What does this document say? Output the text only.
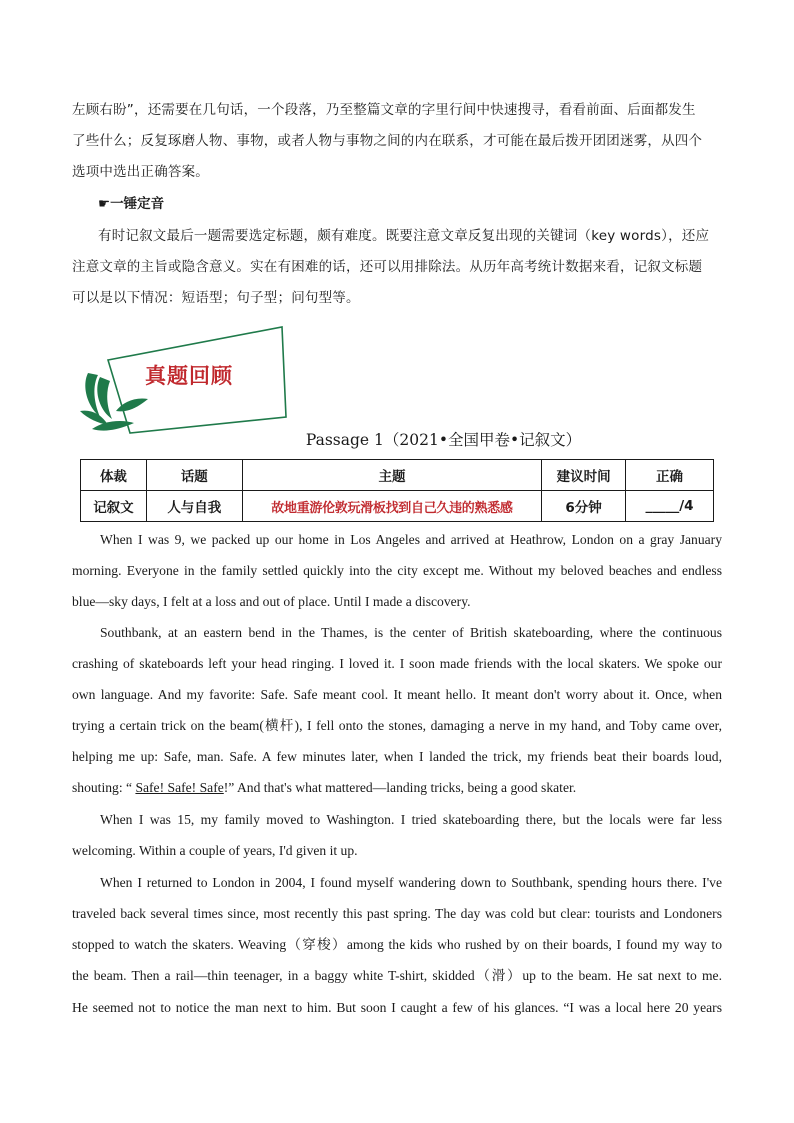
左顾右盼”，还需要在几句话，一个段落，乃至整篇文章的字里行间中快速搜寻，看看前面、后面都发生
了些什么；反复琢磨人物、事物，或者人物与事物之间的内在联系，才可能在最后拨开团团迷雾，从四个
选项中选出正确答案。
☛一锤定音
有时记叙文最后一题需要选定标题，颇有难度。既要注意文章反复出现的关键词（key words），还应
注意文章的主旨或隐含意义。实在有困难的话，还可以用排除法。从历年高考统计数据来看，记叙文标题
可以是以下情况：短语型；句子型；问句型等。
真题回顾
Passage 1（2021•全国甲卷•记叙文）
体裁	话题	主题	建议时间	正确
记叙文	人与自我	故地重游伦敦玩滑板找到自己久违的熟悉感	6分钟	_____/4
When I was 9, we packed up our home in Los Angeles and arrived at Heathrow, London on a gray January
morning. Everyone in the family settled quickly into the city except me. Without my beloved beaches and endless
blue—sky days, I felt at a loss and out of place. Until I made a discovery.
Southbank, at an eastern bend in the Thames, is the center of British skateboarding, where the continuous
crashing of skateboards left your head ringing. I loved it. I soon made friends with the local skaters. We spoke our
own language. And my favorite: Safe. Safe meant cool. It meant hello. It meant don't worry about it. Once, when
trying a certain trick on the beam(横杆), I fell onto the stones, damaging a nerve in my hand, and Toby came over,
helping me up: Safe, man. Safe. A few minutes later, when I landed the trick, my friends beat their boards loud,
shouting: “ Safe! Safe! Safe!” And that's what mattered—landing tricks, being a good skater.
When I was 15, my family moved to Washington. I tried skateboarding there, but the locals were far less
welcoming. Within a couple of years, I'd given it up.
When I returned to London in 2004, I found myself wandering down to Southbank, spending hours there. I've
traveled back several times since, most recently this past spring. The day was cold but clear: tourists and Londoners
stopped to watch the skaters. Weaving（穿梭）among the kids who rushed by on their boards, I found my way to
the beam. Then a rail—thin teenager, in a baggy white T-shirt, skidded（滑）up to the beam. He sat next to me.
He seemed not to notice the man next to him. But soon I caught a few of his glances. “I was a local here 20 years
